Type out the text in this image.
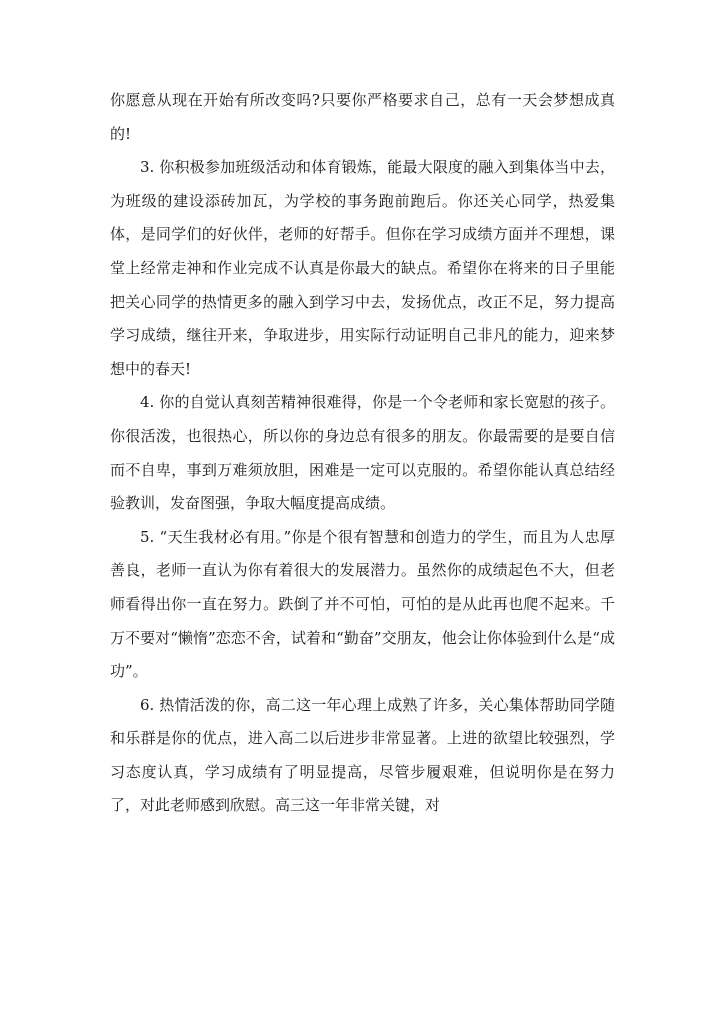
你愿意从现在开始有所改变吗?只要你严格要求自己，总有一天会梦想成真的!

3. 你积极参加班级活动和体育锻炼，能最大限度的融入到集体当中去，为班级的建设添砖加瓦，为学校的事务跑前跑后。你还关心同学，热爱集体，是同学们的好伙伴，老师的好帮手。但你在学习成绩方面并不理想，课堂上经常走神和作业完成不认真是你最大的缺点。希望你在将来的日子里能把关心同学的热情更多的融入到学习中去，发扬优点，改正不足，努力提高学习成绩，继往开来，争取进步，用实际行动证明自己非凡的能力，迎来梦想中的春天!

4. 你的自觉认真刻苦精神很难得，你是一个令老师和家长宽慰的孩子。你很活泼，也很热心，所以你的身边总有很多的朋友。你最需要的是要自信而不自卑，事到万难须放胆，困难是一定可以克服的。希望你能认真总结经验教训，发奋图强，争取大幅度提高成绩。

5. “天生我材必有用。”你是个很有智慧和创造力的学生，而且为人忠厚善良，老师一直认为你有着很大的发展潜力。虽然你的成绩起色不大，但老师看得出你一直在努力。跌倒了并不可怕，可怕的是从此再也爬不起来。千万不要对“懒惰”恋恋不舍，试着和“勤奋”交朋友，他会让你体验到什么是“成功”。

6. 热情活泼的你，高二这一年心理上成熟了许多，关心集体帮助同学随和乐群是你的优点，进入高二以后进步非常显著。上进的欲望比较强烈，学习态度认真，学习成绩有了明显提高，尽管步履艰难，但说明你是在努力了，对此老师感到欣慰。高三这一年非常关键，对
